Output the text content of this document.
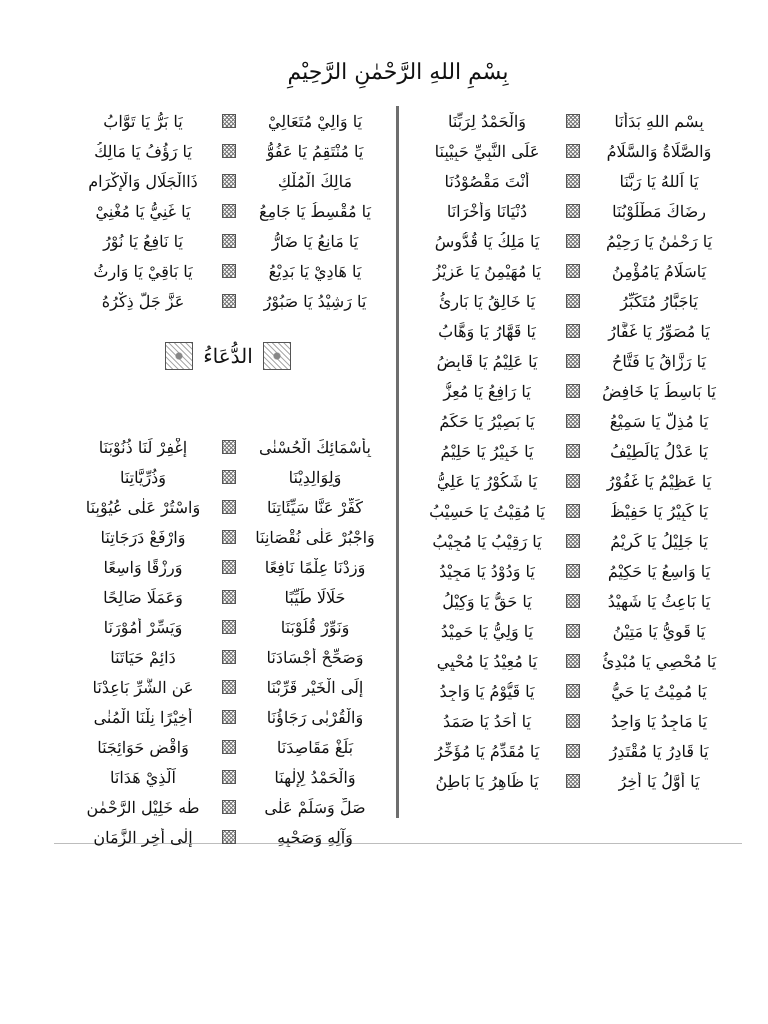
بِسْمِ اللهِ الرَّحْمٰنِ الرَّحِيْمِ
بِسْمِ اللهِ بَدَأْنَا
وَالْحَمْدُ لِرَبِّنَا
وَالصَّلَاةُ وَالسَّلَامُ
عَلَى النَّبِيِّ حَبِيْبِنَا
يَا اَللهُ يَا رَبَّنَا
أَنْتَ مَقْصُوْدُنَا
رِضَاكَ مَطْلُوْبُنَا
دُنْيَانَا وَأُخْرَانَا
يَا رَحْمٰنُ يَا رَحِيْمُ
يَا مَلِكُ يَا قُدُّوسُ
يَاسَلَامُ يَامُؤْمِنُ
يَا مُهَيْمِنُ يَا عَزِيْزُ
يَاجَبَّارُ مُتَكَبِّرُ
يَا خَالِقُ يَا بَارِئُ
يَا مُصَوِّرُ يَا غَفَّارُ
يَا قَهَّارُ يَا وَهَّابُ
يَا رَزَّاقُ يَا فَتَّاحُ
يَا عَلِيْمُ يَا قَابِضُ
يَا بَاسِطُ يَا خَافِضُ
يَا رَافِعُ يَا مُعِزُّ
يَا مُذِلُّ يَا سَمِيْعُ
يَا بَصِيْرُ يَا حَكَمُ
يَا عَدْلُ يَالَطِيْفُ
يَا خَبِيْرُ يَا حَلِيْمُ
يَا عَظِيْمُ يَا غَفُوْرُ
يَا شَكُوْرُ يَا عَلِيُّ
يَا كَبِيْرُ يَا حَفِيْظُ
يَا مُقِيْتُ يَا حَسِيْبُ
يَا جَلِيْلُ يَا كَرِيْمُ
يَا رَقِيْبُ يَا مُجِيْبُ
يَا وَاسِعُ يَا حَكِيْمُ
يَا وَدُوْدُ يَا مَجِيْدُ
يَا بَاعِثُ يَا شَهِيْدُ
يَا حَقُّ يَا وَكِيْلُ
يَا قَوِيُّ يَا مَتِيْنُ
يَا وَلِيُّ يَا حَمِيْدُ
يَا مُحْصِي يَا مُبْدِئُ
يَا مُعِيْدُ يَا مُحْيِي
يَا مُمِيْتُ يَا حَيُّ
يَا قَيُّوْمُ يَا وَاجِدُ
يَا مَاجِدُ يَا وَاحِدُ
يَا أَحَدُ يَا صَمَدُ
يَا قَادِرُ يَا مُقْتَدِرُ
يَا مُقَدِّمُ يَا مُؤَخِّرُ
يَا أَوَّلُ يَا أٰخِرُ
يَا ظَاهِرُ يَا بَاطِنُ
يَا وَالِيْ مُتَعَالِيْ
يَا بَرُّ يَا تَوَّابُ
يَا مُنْتَقِمُ يَا عَفُوُّ
يَا رَؤُفُ يَا مَالِكُ
مَالِكَ الْمُلْكِ
ذَاالْجَلَالِ وَالْإِكْرَامِ
يَا مُقْسِطُ يَا جَامِعُ
يَا غَنِيُّ يَا مُغْنِيْ
يَا مَانِعُ يَا ضَارُّ
يَا نَافِعُ يَا نُوْرُ
يَا هَادِيْ يَا بَدِيْعُ
يَا بَاقِيْ يَا وَارِثُ
يَا رَشِيْدُ يَا صَبُوْرُ
عَزَّ جَلَّ ذِكْرُهُ
الدُّعَاءُ
بِأَسْمَائِكَ الْحُسْنٰى
إِغْفِرْ لَنَا ذُنُوْبَنَا
وَلِوَالِدِيْنَا
وَذُرِّيَّاتِنَا
كَفِّرْ عَنَّا سَيِّئَاتِنَا
وَاسْتُرْ عَلٰى عُيُوْبِنَا
وَاجْبُرْ عَلٰى نُقْصَانِنَا
وَارْفَعْ دَرَجَاتِنَا
وَزِدْنَا عِلْمًا نَافِعًا
وَرِزْقًا وَاسِعًا
حَلَالًا طَيِّبًا
وَعَمَلًا صَالِحًا
وَنَوِّرْ قُلُوْبَنَا
وَيَسِّرْ أُمُوْرَنَا
وَصَحِّحْ أَجْسَادَنَا
دَائِمْ حَيَاتَنَا
إِلَى الْخَيْرِ قَرِّبْنَا
عَنِ الشَّرِّ بَاعِدْنَا
وَالْقُرْبٰى رَجَاؤُنَا
أَخِيْرًا نِلْنَا الْمُنٰى
بَلِّغْ مَقَاصِدَنَا
وَاقْضِ حَوَائِجَنَا
وَالْحَمْدُ لِإِلٰهِنَا
اَلَّذِيْ هَدَانَا
صَلِّ وَسَلِّمْ عَلٰى
طٰه خَلِيْلِ الرَّحْمٰنِ
وَآلِهِ وَصَحْبِهِ
إِلٰى أٰخِرِ الزَّمَانِ
